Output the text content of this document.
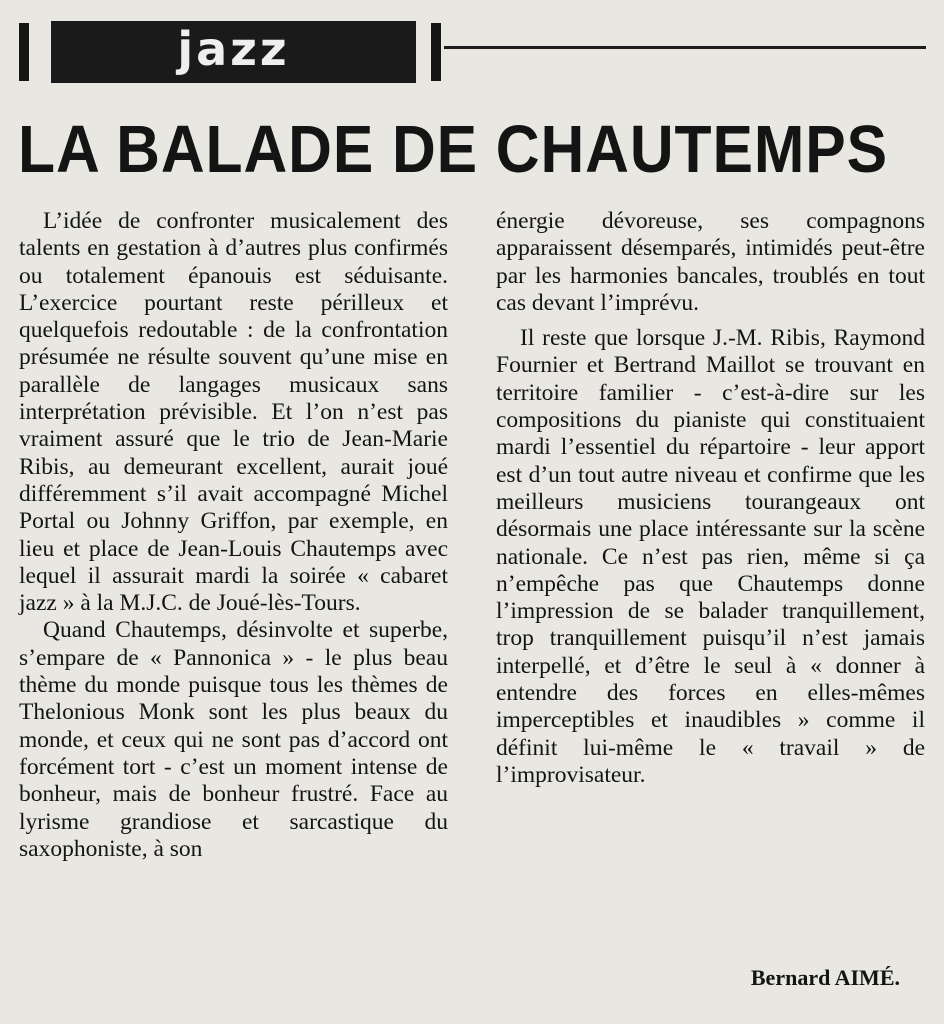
jazz
LA BALADE DE CHAUTEMPS

L’idée de confronter musicalement des talents en gestation à d’autres plus confirmés ou totalement épanouis est séduisante. L’exercice pourtant reste périlleux et quelquefois redoutable : de la confrontation présumée ne résulte souvent qu’une mise en parallèle de langages musicaux sans interprétation prévisible. Et l’on n’est pas vraiment assuré que le trio de Jean-Marie Ribis, au demeurant excellent, aurait joué différemment s’il avait accompagné Michel Portal ou Johnny Griffon, par exemple, en lieu et place de Jean-Louis Chautemps avec lequel il assurait mardi la soirée « cabaret jazz » à la M.J.C. de Joué-lès-Tours.

Quand Chautemps, désinvolte et superbe, s’empare de « Pannonica » - le plus beau thème du monde puisque tous les thèmes de Thelonious Monk sont les plus beaux du monde, et ceux qui ne sont pas d’accord ont forcément tort - c’est un moment intense de bonheur, mais de bonheur frustré. Face au lyrisme grandiose et sarcastique du saxophoniste, à son

énergie dévoreuse, ses compagnons apparaissent désemparés, intimidés peut-être par les harmonies bancales, troublés en tout cas devant l’imprévu.

Il reste que lorsque J.-M. Ribis, Raymond Fournier et Bertrand Maillot se trouvant en territoire familier - c’est-à-dire sur les compositions du pianiste qui constituaient mardi l’essentiel du répartoire - leur apport est d’un tout autre niveau et confirme que les meilleurs musiciens tourangeaux ont désormais une place intéressante sur la scène nationale. Ce n’est pas rien, même si ça n’empêche pas que Chautemps donne l’impression de se balader tranquillement, trop tranquillement puisqu’il n’est jamais interpellé, et d’être le seul à « donner à entendre des forces en elles-mêmes imperceptibles et inaudibles » comme il définit lui-même le « travail » de l’improvisateur.

Bernard AIMÉ.
